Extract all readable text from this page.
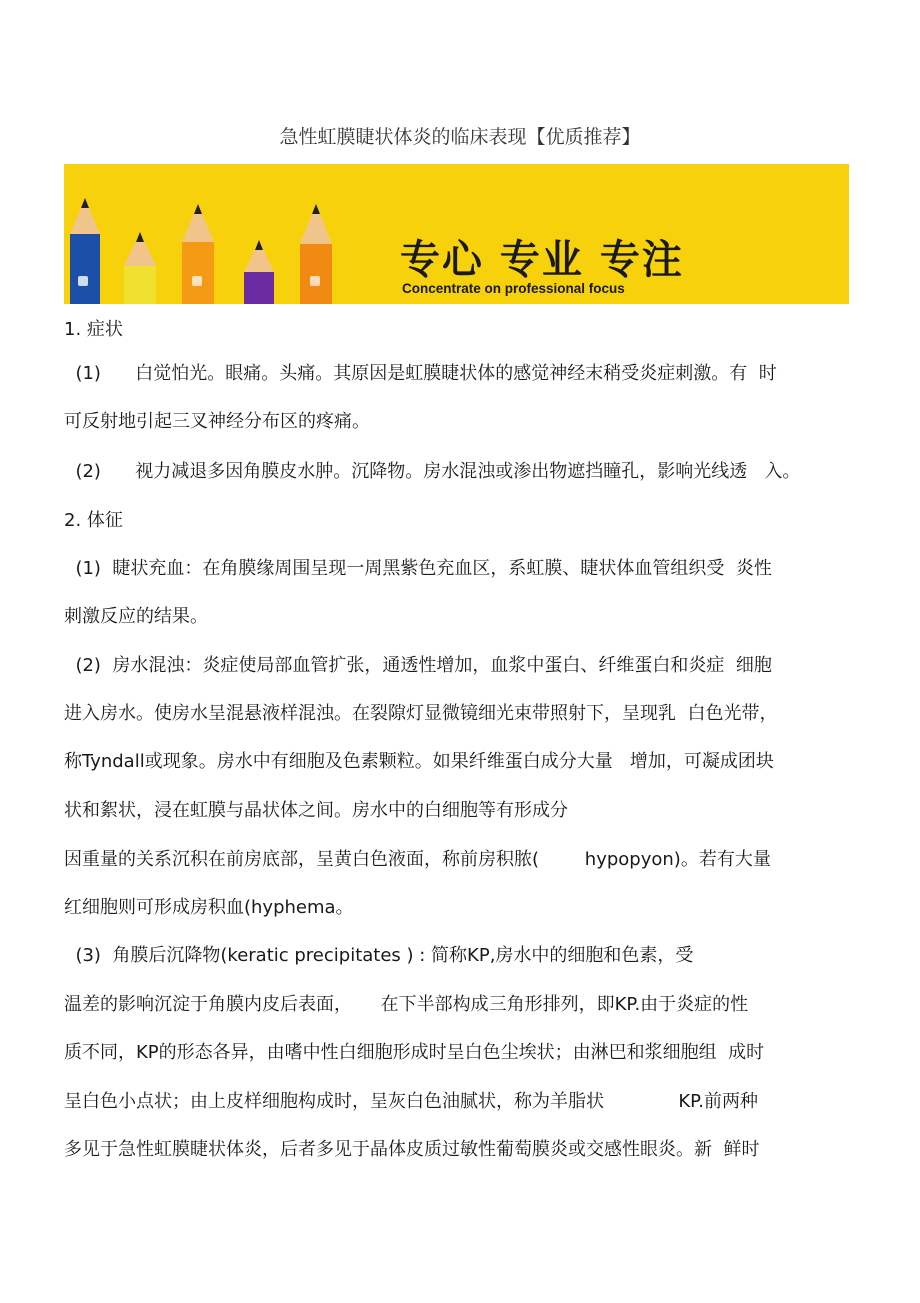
急性虹膜睫状体炎的临床表现【优质推荐】
专心 专业 专注
Concentrate on professional focus
1. 症状
(1)      白觉怕光。眼痛。头痛。其原因是虹膜睫状体的感觉神经末稍受炎症刺激。有  时
可反射地引起三叉神经分布区的疼痛。
(2)      视力减退多因角膜皮水肿。沉降物。房水混浊或渗出物遮挡瞳孔，影响光线透   入。
2. 体征
(1)  睫状充血：在角膜缘周围呈现一周黑紫色充血区，系虹膜、睫状体血管组织受  炎性
刺激反应的结果。
(2)  房水混浊：炎症使局部血管扩张，通透性增加，血浆中蛋白、纤维蛋白和炎症  细胞
进入房水。使房水呈混悬液样混浊。在裂隙灯显微镜细光束带照射下，呈现乳  白色光带，
称Tyndall或现象。房水中有细胞及色素颗粒。如果纤维蛋白成分大量   增加，可凝成团块
状和絮状，浸在虹膜与晶状体之间。房水中的白细胞等有形成分
因重量的关系沉积在前房底部，呈黄白色液面，称前房积脓(        hypopyon)。若有大量
红细胞则可形成房积血(hyphema。
(3)  角膜后沉降物(keratic precipitates ) : 简称KP,房水中的细胞和色素，受
温差的影响沉淀于角膜内皮后表面，     在下半部构成三角形排列，即KP.由于炎症的性
质不同，KP的形态各异，由嗜中性白细胞形成时呈白色尘埃状；由淋巴和浆细胞组  成时
呈白色小点状；由上皮样细胞构成时，呈灰白色油腻状，称为羊脂状             KP.前两种
多见于急性虹膜睫状体炎，后者多见于晶体皮质过敏性葡萄膜炎或交感性眼炎。新  鲜时
